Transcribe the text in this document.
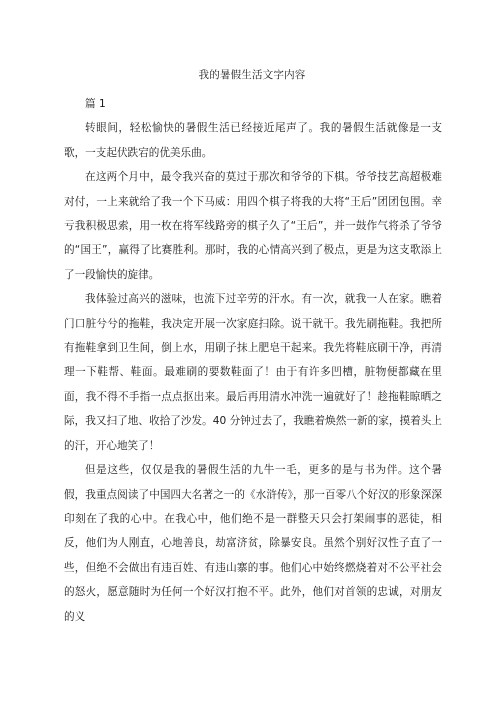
我的暑假生活文字内容

篇 1

转眼间，轻松愉快的暑假生活已经接近尾声了。我的暑假生活就像是一支歌，一支起伏跌宕的优美乐曲。

在这两个月中，最令我兴奋的莫过于那次和爷爷的下棋。爷爷技艺高超极难对付，一上来就给了我一个下马威：用四个棋子将我的大将“王后”团团包围。幸亏我积极思索，用一枚在将军线路旁的棋子久了“王后”，并一鼓作气将杀了爷爷的“国王”，赢得了比赛胜利。那时，我的心情高兴到了极点，更是为这支歌添上了一段愉快的旋律。

我体验过高兴的滋味，也流下过辛劳的汗水。有一次，就我一人在家。瞧着门口脏兮兮的拖鞋，我决定开展一次家庭扫除。说干就干。我先刷拖鞋。我把所有拖鞋拿到卫生间，倒上水，用刷子抹上肥皂干起来。我先将鞋底刷干净，再清理一下鞋帮、鞋面。最难刷的要数鞋面了！由于有许多凹槽，脏物便都藏在里面，我不得不手指一点点抠出来。最后再用清水冲洗一遍就好了！趁拖鞋晾晒之际，我又扫了地、收拾了沙发。40 分钟过去了，我瞧着焕然一新的家，摸着头上的汗，开心地笑了！

但是这些，仅仅是我的暑假生活的九牛一毛，更多的是与书为伴。这个暑假，我重点阅读了中国四大名著之一的《水浒传》，那一百零八个好汉的形象深深印刻在了我的心中。在我心中，他们绝不是一群整天只会打架闹事的恶徒，相反，他们为人刚直，心地善良，劫富济贫，除暴安良。虽然个别好汉性子直了一些，但绝不会做出有违百姓、有违山寨的事。他们心中始终燃烧着对不公平社会的怒火，愿意随时为任何一个好汉打抱不平。此外，他们对首领的忠诚，对朋友的义
